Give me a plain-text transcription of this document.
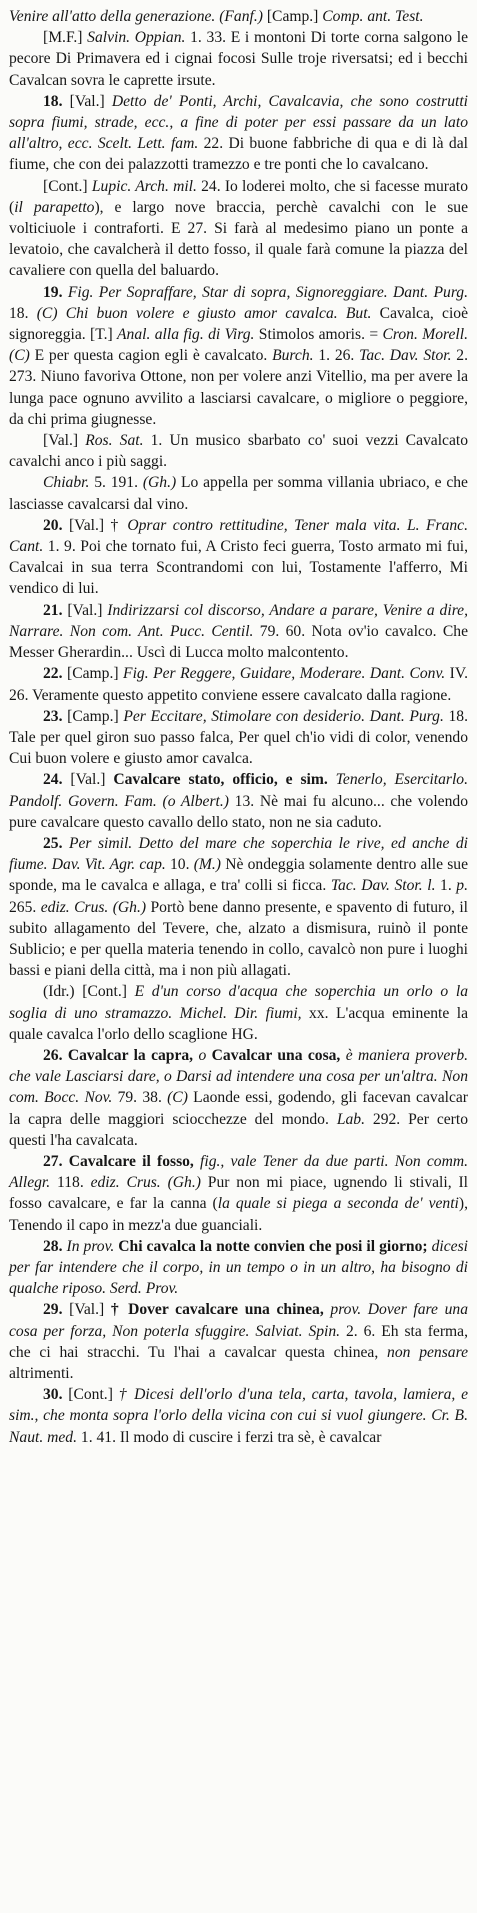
Venire all'atto della generazione. (Fanf.) [Camp.] Comp. ant. Test.

[M.F.] Salvin. Oppian. 1. 33. E i montoni Di torte corna salgono le pecore Di Primavera ed i cignai focosi Sulle troje riversatsi; ed i becchi Cavalcan sovra le caprette irsute.

18. [Val.] Detto de' Ponti, Archi, Cavalcavia, che sono costrutti sopra fiumi, strade, ecc., a fine di poter per essi passare da un lato all'altro, ecc. Scelt. Lett. fam. 22. Di buone fabbriche di qua e di là dal fiume, che con dei palazzotti tramezzo e tre ponti che lo cavalcano.

[Cont.] Lupic. Arch. mil. 24. Io loderei molto, che si facesse murato (il parapetto), e largo nove braccia, perchè cavalchi con le sue volticiuole i contraforti. E 27. Si farà al medesimo piano un ponte a levatoio, che cavalcherà il detto fosso, il quale farà comune la piazza del cavaliere con quella del baluardo.

19. Fig. Per Sopraffare, Star di sopra, Signoreggiare. Dant. Purg. 18. (C) Chi buon volere e giusto amor cavalca. But. Cavalca, cioè signoreggia. [T.] Anal. alla fig. di Virg. Stimolos amoris. = Cron. Morell. (C) E per questa cagion egli è cavalcato. Burch. 1. 26. Tac. Dav. Stor. 2. 273. Niuno favoriva Ottone, non per volere anzi Vitellio, ma per avere la lunga pace ognuno avvilito a lasciarsi cavalcare, o migliore o peggiore, da chi prima giugnesse.

[Val.] Ros. Sat. 1. Un musico sbarbato co' suoi vezzi Cavalcato cavalchi anco i più saggi.

Chiabr. 5. 191. (Gh.) Lo appella per somma villania ubriaco, e che lasciasse cavalcarsi dal vino.

20. [Val.] † Oprar contro rettitudine, Tener mala vita. L. Franc. Cant. 1. 9. Poi che tornato fui, A Cristo feci guerra, Tosto armato mi fui, Cavalcai in sua terra Scontrandomi con lui, Tostamente l'afferro, Mi vendico di lui.

21. [Val.] Indirizzarsi col discorso, Andare a parare, Venire a dire, Narrare. Non com. Ant. Pucc. Centil. 79. 60. Nota ov'io cavalco. Che Messer Gherardin... Uscì di Lucca molto malcontento.

22. [Camp.] Fig. Per Reggere, Guidare, Moderare. Dant. Conv. IV. 26. Veramente questo appetito conviene essere cavalcato dalla ragione.

23. [Camp.] Per Eccitare, Stimolare con desiderio. Dant. Purg. 18. Tale per quel giron suo passo falca, Per quel ch'io vidi di color, venendo Cui buon volere e giusto amor cavalca.

24. [Val.] Cavalcare stato, officio, e sim. Tenerlo, Esercitarlo. Pandolf. Govern. Fam. (o Albert.) 13. Nè mai fu alcuno... che volendo pure cavalcare questo cavallo dello stato, non ne sia caduto.

25. Per simil. Detto del mare che soperchia le rive, ed anche di fiume. Dav. Vit. Agr. cap. 10. (M.) Nè ondeggia solamente dentro alle sue sponde, ma le cavalca e allaga, e tra' colli si ficca. Tac. Dav. Stor. l. 1. p. 265. ediz. Crus. (Gh.) Portò bene danno presente, e spavento di futuro, il subito allagamento del Tevere, che, alzato a dismisura, ruinò il ponte Sublicio; e per quella materia tenendo in collo, cavalcò non pure i luoghi bassi e piani della città, ma i non più allagati.

(Idr.) [Cont.] E d'un corso d'acqua che soperchia un orlo o la soglia di uno stramazzo. Michel. Dir. fiumi, xx. L'acqua eminente la quale cavalca l'orlo dello scaglione HG.

26. Cavalcar la capra, o Cavalcar una cosa, è maniera proverb. che vale Lasciarsi dare, o Darsi ad intendere una cosa per un'altra. Non com. Bocc. Nov. 79. 38. (C) Laonde essi, godendo, gli facevan cavalcar la capra delle maggiori sciocchezze del mondo. Lab. 292. Per certo questi l'ha cavalcata.

27. Cavalcare il fosso, fig., vale Tener da due parti. Non comm. Allegr. 118. ediz. Crus. (Gh.) Pur non mi piace, ugnendo li stivali, Il fosso cavalcare, e far la canna (la quale si piega a seconda de' venti), Tenendo il capo in mezz'a due guanciali.

28. In prov. Chi cavalca la notte convien che posi il giorno; dicesi per far intendere che il corpo, in un tempo o in un altro, ha bisogno di qualche riposo. Serd. Prov.

29. [Val.] † Dover cavalcare una chinea, prov. Dover fare una cosa per forza, Non poterla sfuggire. Salviat. Spin. 2. 6. Eh sta ferma, che ci hai stracchi. Tu l'hai a cavalcar questa chinea, non pensare altrimenti.

30. [Cont.] † Dicesi dell'orlo d'una tela, carta, tavola, lamiera, e sim., che monta sopra l'orlo della vicina con cui si vuol giungere. Cr. B. Naut. med. 1. 41. Il modo di cuscire i ferzi tra sè, è cavalcar
